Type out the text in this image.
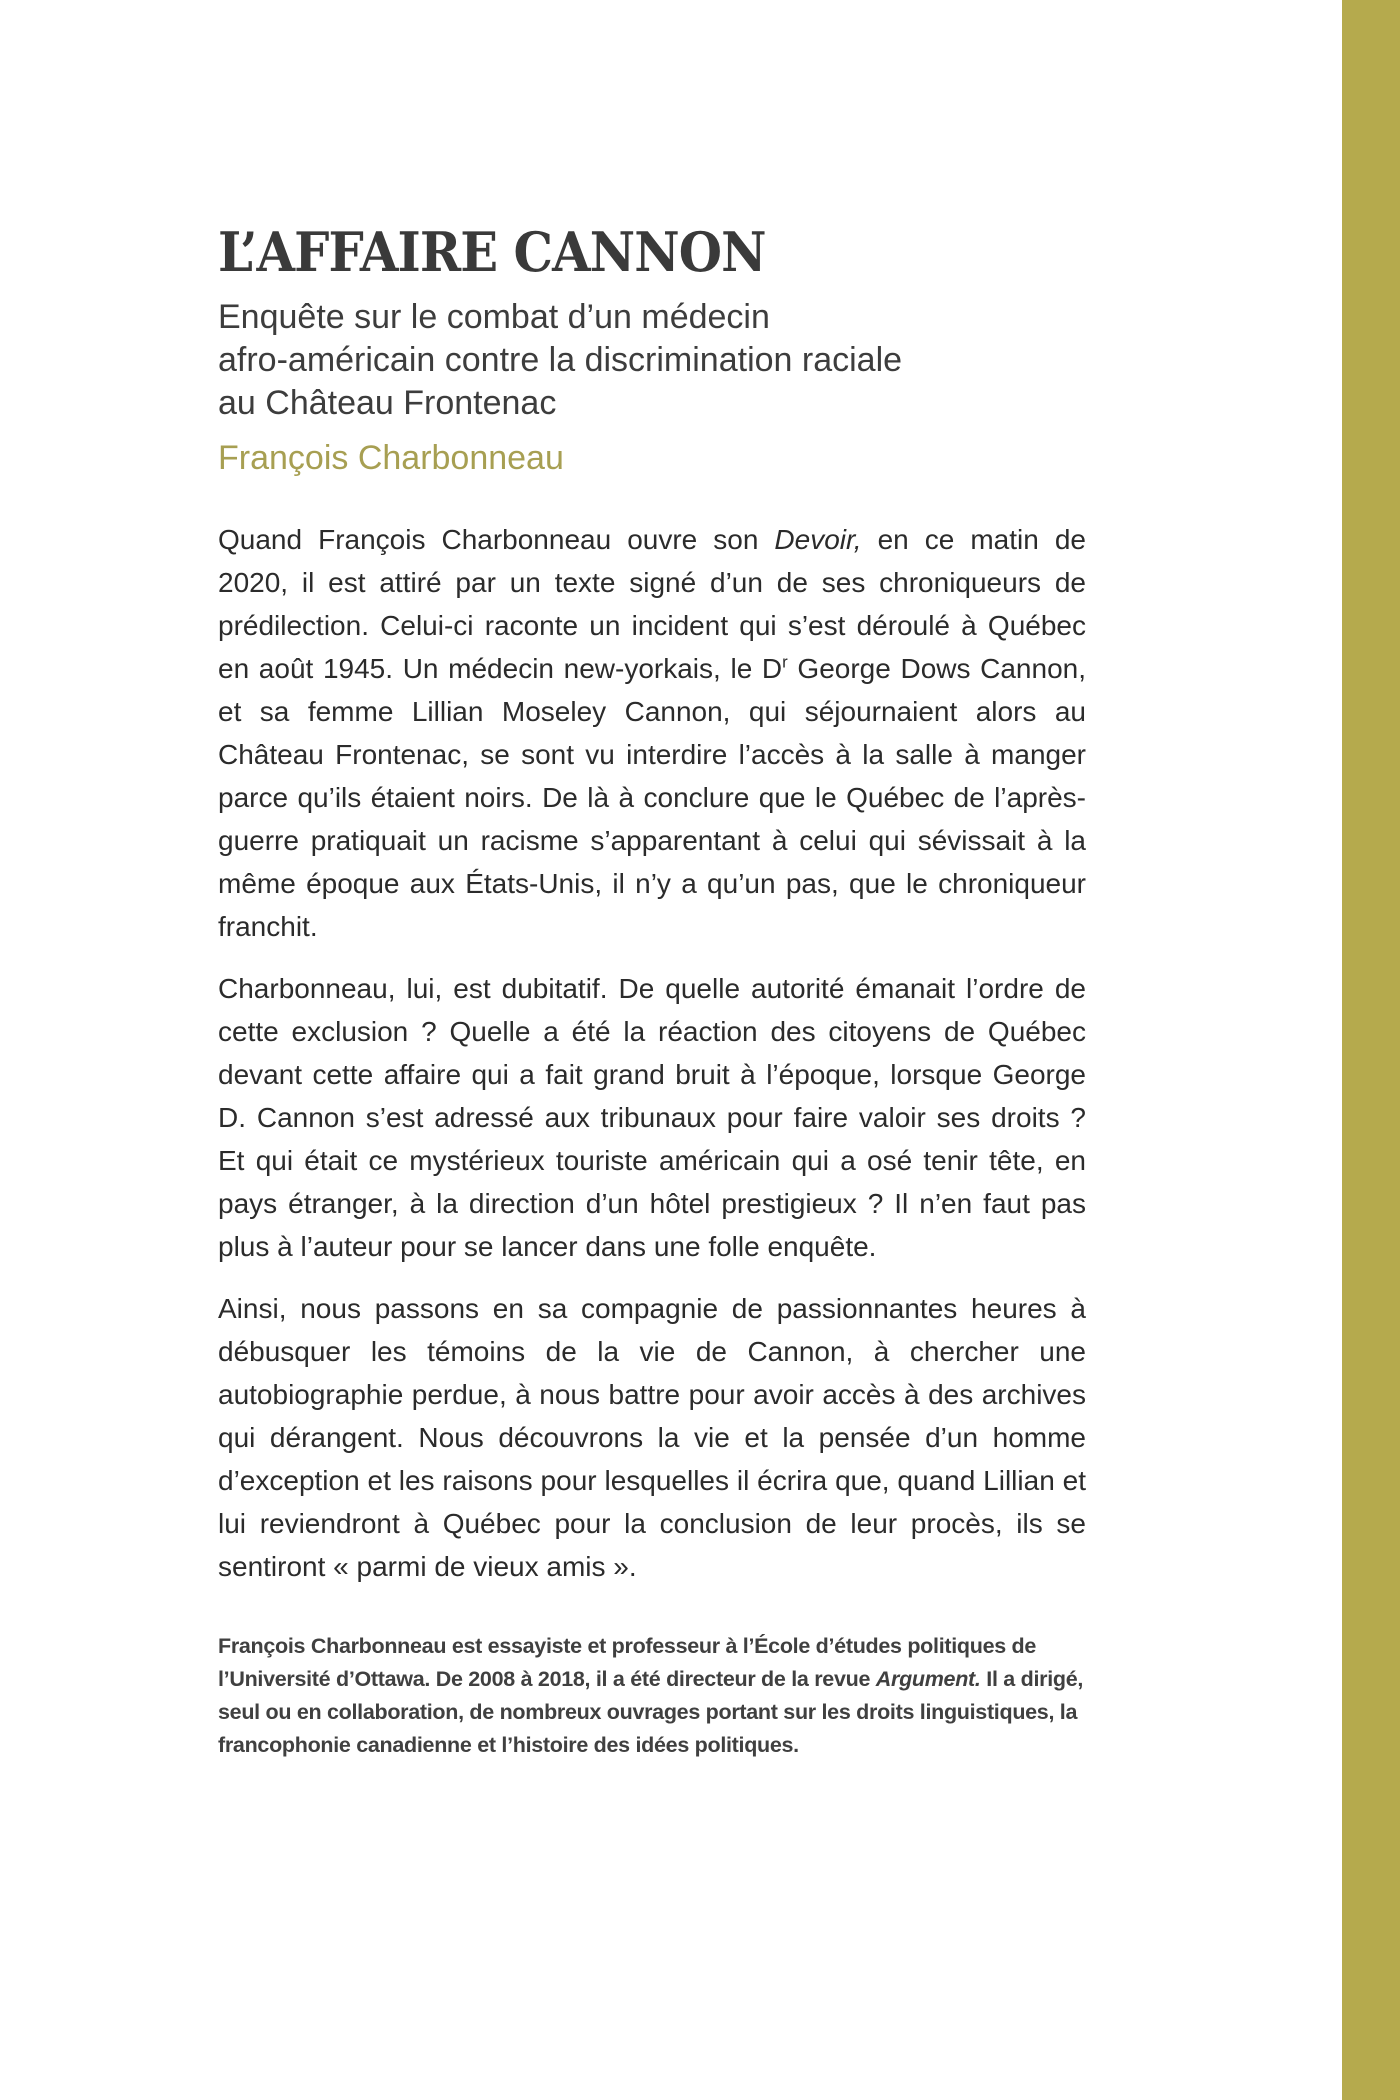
L’AFFAIRE CANNON
Enquête sur le combat d’un médecin
afro-américain contre la discrimination raciale
au Château Frontenac
François Charbonneau

Quand François Charbonneau ouvre son Devoir, en ce matin de 2020, il est attiré par un texte signé d’un de ses chroniqueurs de prédilection. Celui-ci raconte un incident qui s’est déroulé à Québec en août 1945. Un médecin new-yorkais, le $D^r$ George Dows Cannon, et sa femme Lillian Moseley Cannon, qui séjournaient alors au Château Frontenac, se sont vu interdire l’accès à la salle à manger parce qu’ils étaient noirs. De là à conclure que le Québec de l’après-guerre pratiquait un racisme s’apparentant à celui qui sévissait à la même époque aux États-Unis, il n’y a qu’un pas, que le chroniqueur franchit.

Charbonneau, lui, est dubitatif. De quelle autorité émanait l’ordre de cette exclusion ? Quelle a été la réaction des citoyens de Québec devant cette affaire qui a fait grand bruit à l’époque, lorsque George D. Cannon s’est adressé aux tribunaux pour faire valoir ses droits ? Et qui était ce mystérieux touriste américain qui a osé tenir tête, en pays étranger, à la direction d’un hôtel prestigieux ? Il n’en faut pas plus à l’auteur pour se lancer dans une folle enquête.

Ainsi, nous passons en sa compagnie de passionnantes heures à débusquer les témoins de la vie de Cannon, à chercher une autobiographie perdue, à nous battre pour avoir accès à des archives qui dérangent. Nous découvrons la vie et la pensée d’un homme d’exception et les raisons pour lesquelles il écrira que, quand Lillian et lui reviendront à Québec pour la conclusion de leur procès, ils se sentiront « parmi de vieux amis ».

François Charbonneau est essayiste et professeur à l’École d’études politiques de l’Université d’Ottawa. De 2008 à 2018, il a été directeur de la revue Argument. Il a dirigé, seul ou en collaboration, de nombreux ouvrages portant sur les droits linguistiques, la francophonie canadienne et l’histoire des idées politiques.
